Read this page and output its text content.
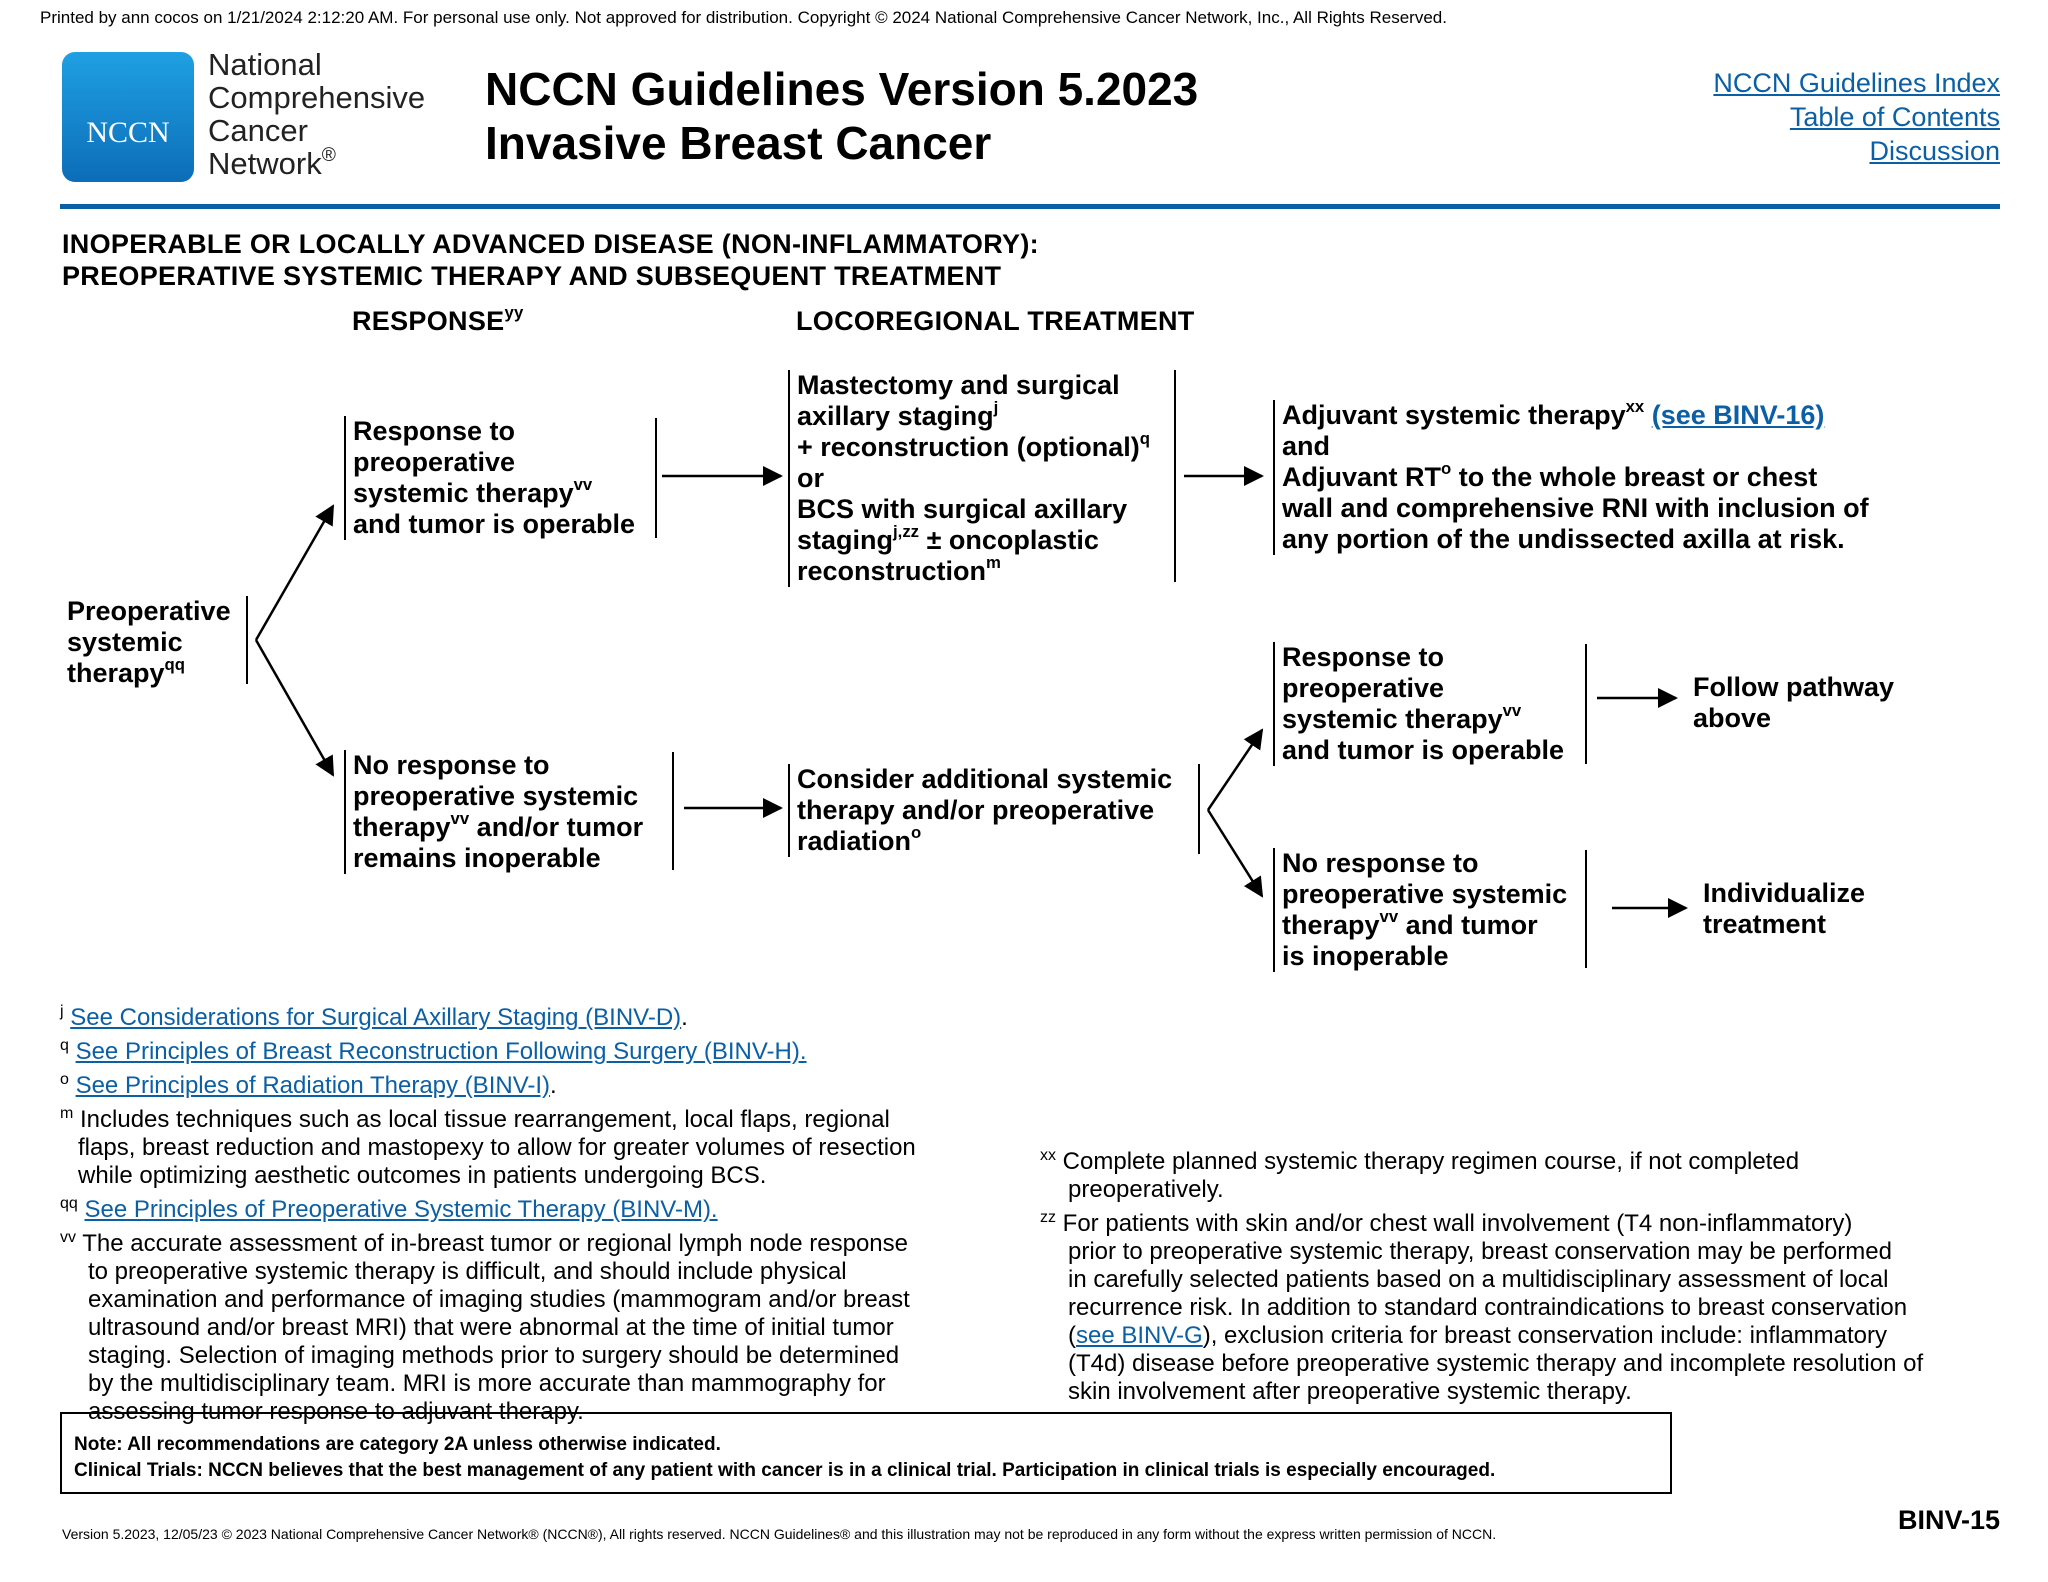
Printed by ann cocos on 1/21/2024 2:12:20 AM. For personal use only. Not approved for distribution. Copyright © 2024 National Comprehensive Cancer Network, Inc., All Rights Reserved.
NCCN
National
Comprehensive
Cancer
Network®
NCCN Guidelines Version 5.2023
Invasive Breast Cancer
NCCN Guidelines Index
Table of Contents
Discussion
INOPERABLE OR LOCALLY ADVANCED DISEASE (NON-INFLAMMATORY):
PREOPERATIVE SYSTEMIC THERAPY AND SUBSEQUENT TREATMENT
$RESPONSE^{yy}$	LOCOREGIONAL TREATMENT
Preoperative
systemic
therapy$^{qq}$
Response to
preoperative
systemic therapy$^{vv}$
and tumor is operable
No response to
preoperative systemic
therapy$^{vv}$ and/or tumor
remains inoperable
Mastectomy and surgical
axillary staging$^j$
+ reconstruction (optional)$^q$
or
BCS with surgical axillary
staging$^{j,zz}$ ± oncoplastic
reconstruction$^m$
Adjuvant systemic therapy$^{xx}$ (see BINV-16)
and
Adjuvant $RT^o$ to the whole breast or chest
wall and comprehensive RNI with inclusion of
any portion of the undissected axilla at risk.
Consider additional systemic
therapy and/or preoperative
radiation$^o$
Response to
preoperative
systemic therapy$^{vv}$
and tumor is operable
No response to
preoperative systemic
therapy$^{vv}$ and tumor
is inoperable
Follow pathway
above
Individualize
treatment
$^j$ See Considerations for Surgical Axillary Staging (BINV-D).
$^q$ See Principles of Breast Reconstruction Following Surgery (BINV-H).
$^o$ See Principles of Radiation Therapy (BINV-I).
$^m$ Includes techniques such as local tissue rearrangement, local flaps, regional
flaps, breast reduction and mastopexy to allow for greater volumes of resection
while optimizing aesthetic outcomes in patients undergoing BCS.
$^{qq}$ See Principles of Preoperative Systemic Therapy (BINV-M).
$^{vv}$ The accurate assessment of in-breast tumor or regional lymph node response
to preoperative systemic therapy is difficult, and should include physical
examination and performance of imaging studies (mammogram and/or breast
ultrasound and/or breast MRI) that were abnormal at the time of initial tumor
staging. Selection of imaging methods prior to surgery should be determined
by the multidisciplinary team. MRI is more accurate than mammography for
assessing tumor response to adjuvant therapy.
$^{xx}$ Complete planned systemic therapy regimen course, if not completed
preoperatively.
$^{zz}$ For patients with skin and/or chest wall involvement (T4 non-inflammatory)
prior to preoperative systemic therapy, breast conservation may be performed
in carefully selected patients based on a multidisciplinary assessment of local
recurrence risk. In addition to standard contraindications to breast conservation
(see BINV-G), exclusion criteria for breast conservation include: inflammatory
(T4d) disease before preoperative systemic therapy and incomplete resolution of
skin involvement after preoperative systemic therapy.
Note: All recommendations are category 2A unless otherwise indicated.
Clinical Trials: NCCN believes that the best management of any patient with cancer is in a clinical trial. Participation in clinical trials is especially encouraged.
Version 5.2023, 12/05/23 © 2023 National Comprehensive Cancer Network® (NCCN®), All rights reserved. NCCN Guidelines® and this illustration may not be reproduced in any form without the express written permission of NCCN.	BINV-15
